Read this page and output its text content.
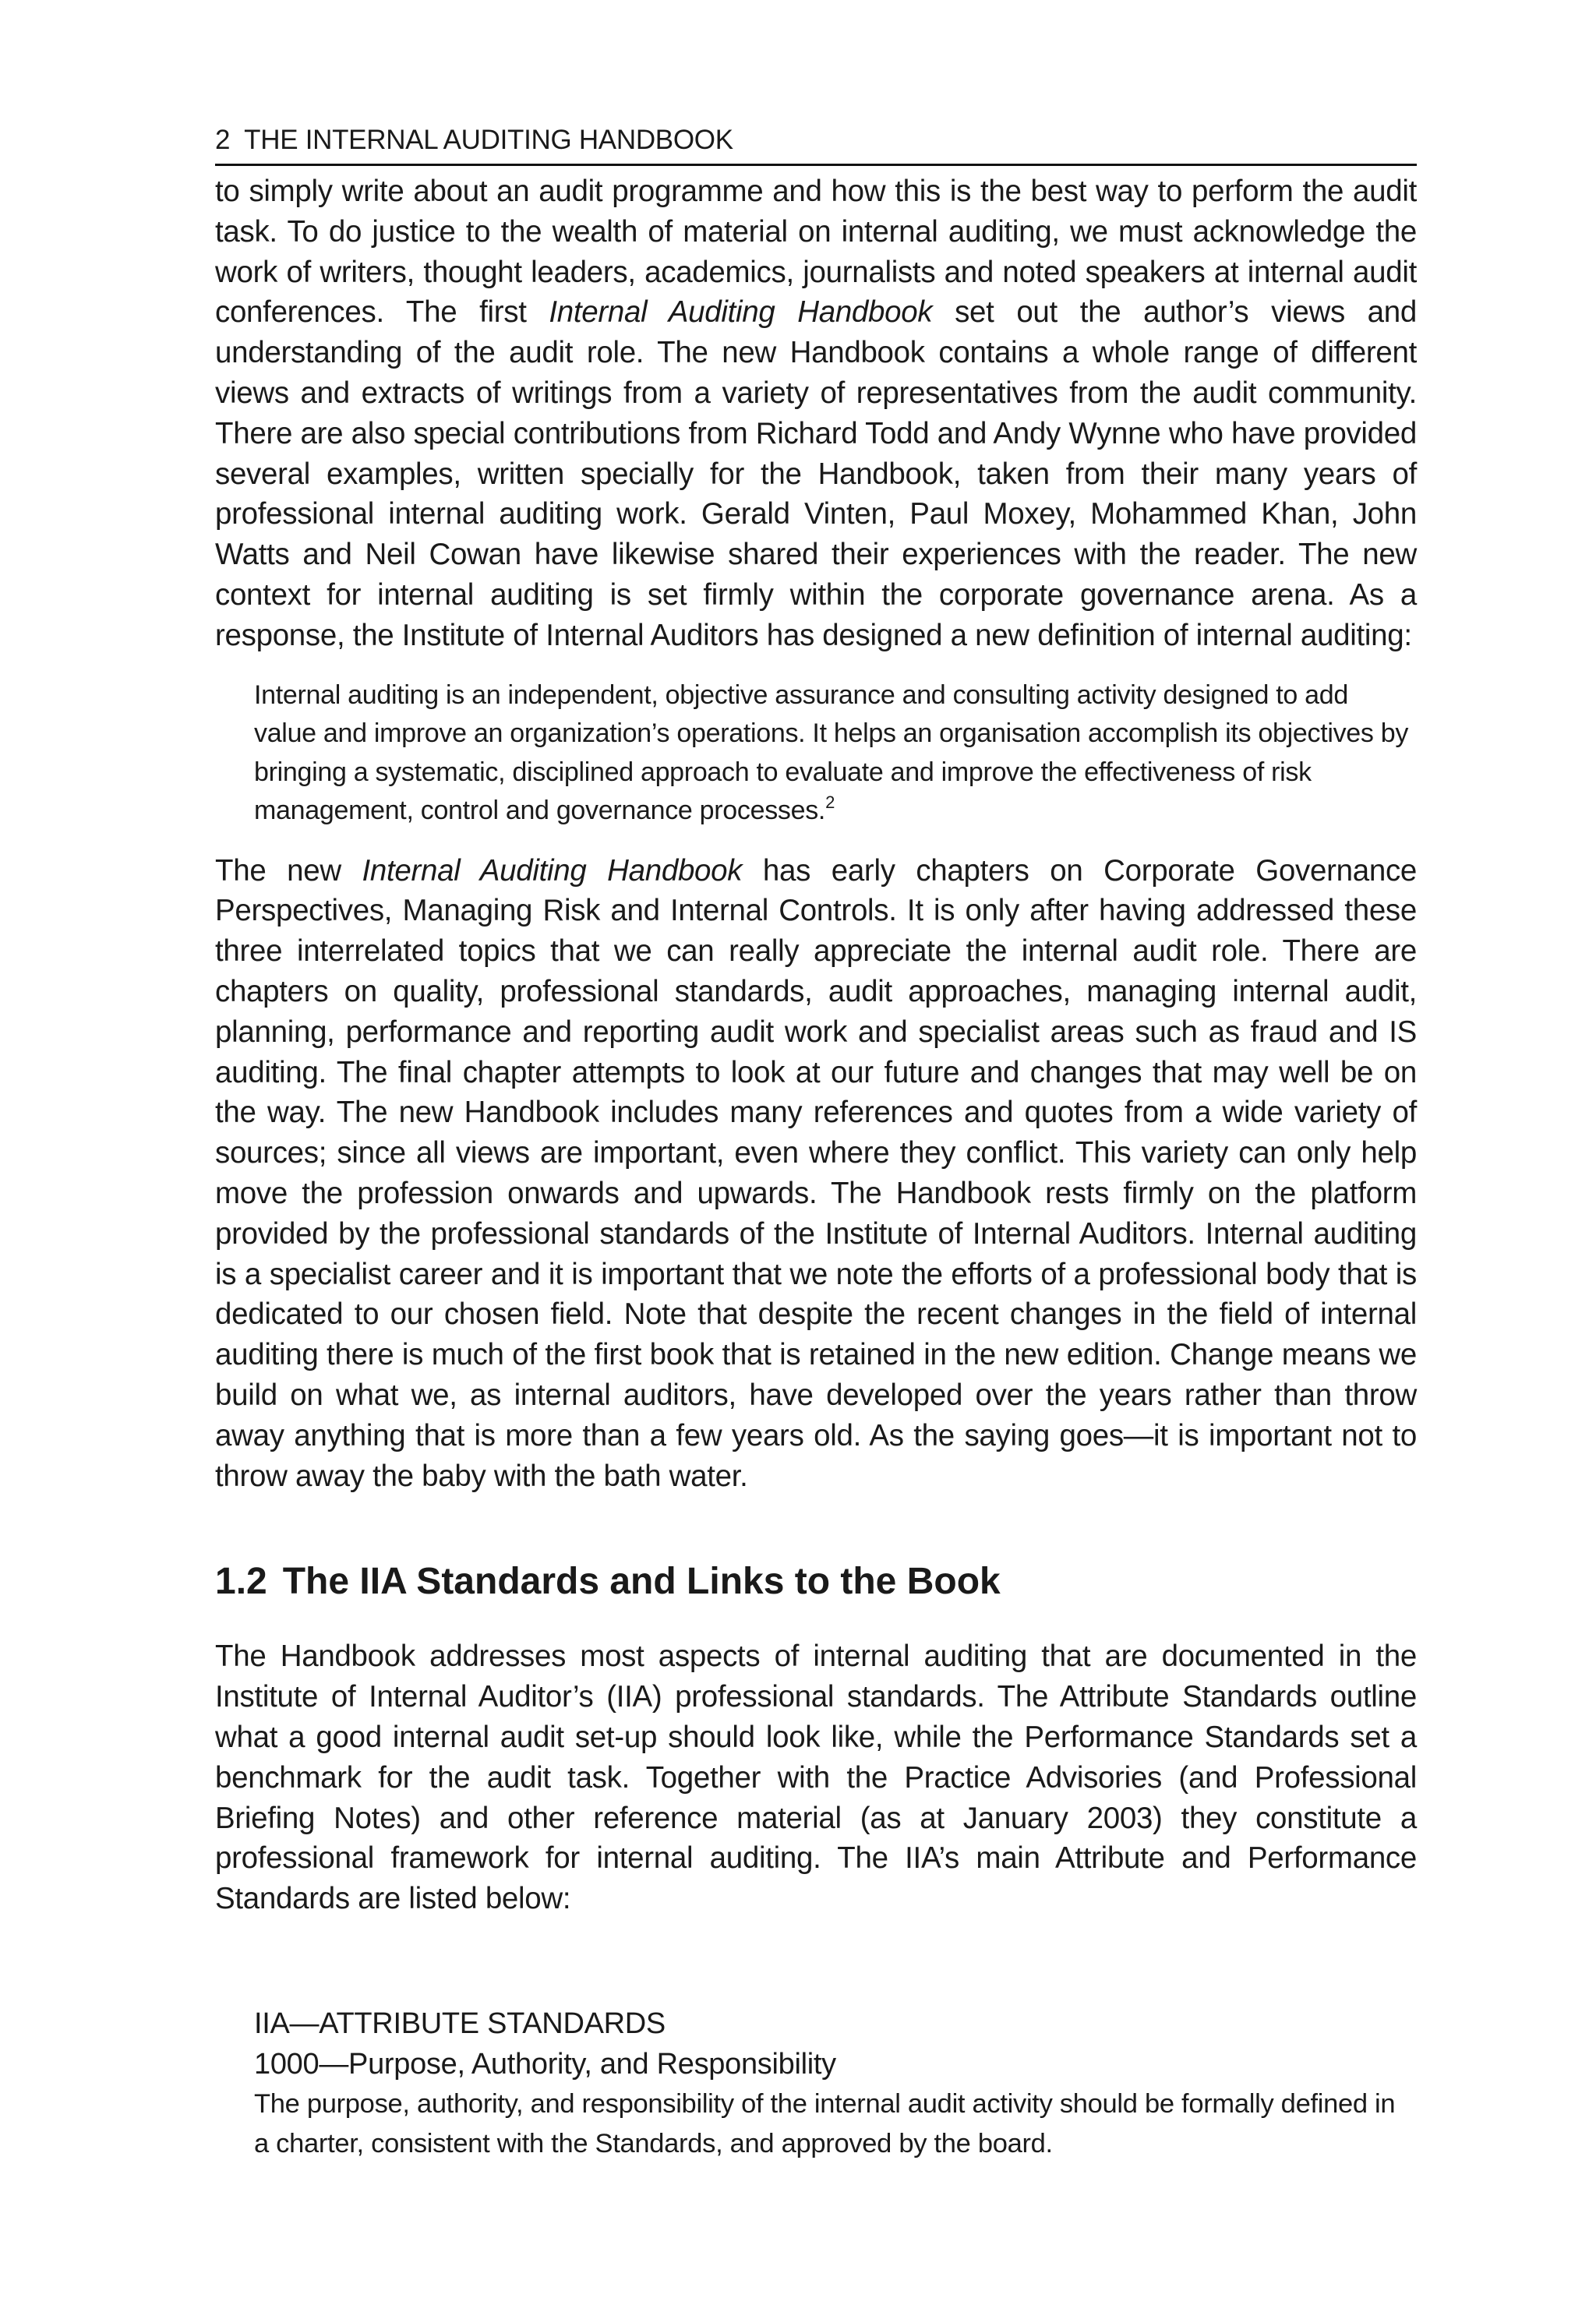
2 THE INTERNAL AUDITING HANDBOOK

to simply write about an audit programme and how this is the best way to perform the audit task. To do justice to the wealth of material on internal auditing, we must acknowledge the work of writers, thought leaders, academics, journalists and noted speakers at internal audit conferences. The first Internal Auditing Handbook set out the author’s views and understanding of the audit role. The new Handbook contains a whole range of different views and extracts of writings from a variety of representatives from the audit community. There are also special contributions from Richard Todd and Andy Wynne who have provided several examples, written specially for the Handbook, taken from their many years of professional internal auditing work. Gerald Vinten, Paul Moxey, Mohammed Khan, John Watts and Neil Cowan have likewise shared their experiences with the reader. The new context for internal auditing is set firmly within the corporate governance arena. As a response, the Institute of Internal Auditors has designed a new definition of internal auditing:

Internal auditing is an independent, objective assurance and consulting activity designed to add value and improve an organization’s operations. It helps an organisation accomplish its objectives by bringing a systematic, disciplined approach to evaluate and improve the effectiveness of risk management, control and governance processes.$^2$

The new Internal Auditing Handbook has early chapters on Corporate Governance Perspectives, Managing Risk and Internal Controls. It is only after having addressed these three interrelated topics that we can really appreciate the internal audit role. There are chapters on quality, professional standards, audit approaches, managing internal audit, planning, performance and reporting audit work and specialist areas such as fraud and IS auditing. The final chapter attempts to look at our future and changes that may well be on the way. The new Handbook includes many references and quotes from a wide variety of sources; since all views are important, even where they conflict. This variety can only help move the profession onwards and upwards. The Handbook rests firmly on the platform provided by the professional standards of the Institute of Internal Auditors. Internal auditing is a specialist career and it is important that we note the efforts of a professional body that is dedicated to our chosen field. Note that despite the recent changes in the field of internal auditing there is much of the first book that is retained in the new edition. Change means we build on what we, as internal auditors, have developed over the years rather than throw away anything that is more than a few years old. As the saying goes—it is important not to throw away the baby with the bath water.

1.2 The IIA Standards and Links to the Book

The Handbook addresses most aspects of internal auditing that are documented in the Institute of Internal Auditor’s (IIA) professional standards. The Attribute Standards outline what a good internal audit set-up should look like, while the Performance Standards set a benchmark for the audit task. Together with the Practice Advisories (and Professional Briefing Notes) and other reference material (as at January 2003) they constitute a professional framework for internal auditing. The IIA’s main Attribute and Performance Standards are listed below:

IIA—ATTRIBUTE STANDARDS
1000—Purpose, Authority, and Responsibility
The purpose, authority, and responsibility of the internal audit activity should be formally defined in a charter, consistent with the Standards, and approved by the board.
